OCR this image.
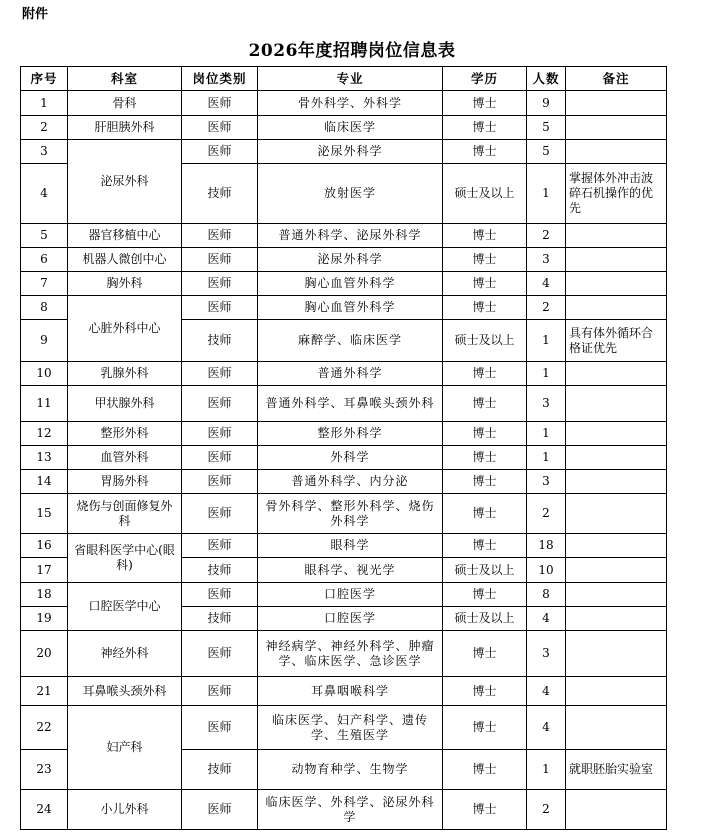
附件
2026年度招聘岗位信息表
序号	科室	岗位类别	专业	学历	人数	备注
1	骨科	医师	骨外科学、外科学	博士	9	
2	肝胆胰外科	医师	临床医学	博士	5	
3	泌尿外科	医师	泌尿外科学	博士	5	
4		技师	放射医学	硕士及以上	1	掌握体外冲击波碎石机操作的优先
5	器官移植中心	医师	普通外科学、泌尿外科学	博士	2	
6	机器人微创中心	医师	泌尿外科学	博士	3	
7	胸外科	医师	胸心血管外科学	博士	4	
8	心脏外科中心	医师	胸心血管外科学	博士	2	
9		技师	麻醉学、临床医学	硕士及以上	1	具有体外循环合格证优先
10	乳腺外科	医师	普通外科学	博士	1	
11	甲状腺外科	医师	普通外科学、耳鼻喉头颈外科	博士	3	
12	整形外科	医师	整形外科学	博士	1	
13	血管外科	医师	外科学	博士	1	
14	胃肠外科	医师	普通外科学、内分泌	博士	3	
15	烧伤与创面修复外科	医师	骨外科学、整形外科学、烧伤外科学	博士	2	
16	省眼科医学中心(眼科)	医师	眼科学	博士	18	
17		技师	眼科学、视光学	硕士及以上	10	
18	口腔医学中心	医师	口腔医学	博士	8	
19		技师	口腔医学	硕士及以上	4	
20	神经外科	医师	神经病学、神经外科学、肿瘤学、临床医学、急诊医学	博士	3	
21	耳鼻喉头颈外科	医师	耳鼻咽喉科学	博士	4	
22	妇产科	医师	临床医学、妇产科学、遗传学、生殖医学	博士	4	
23		技师	动物育种学、生物学	博士	1	就职胚胎实验室
24	小儿外科	医师	临床医学、外科学、泌尿外科学	博士	2	
